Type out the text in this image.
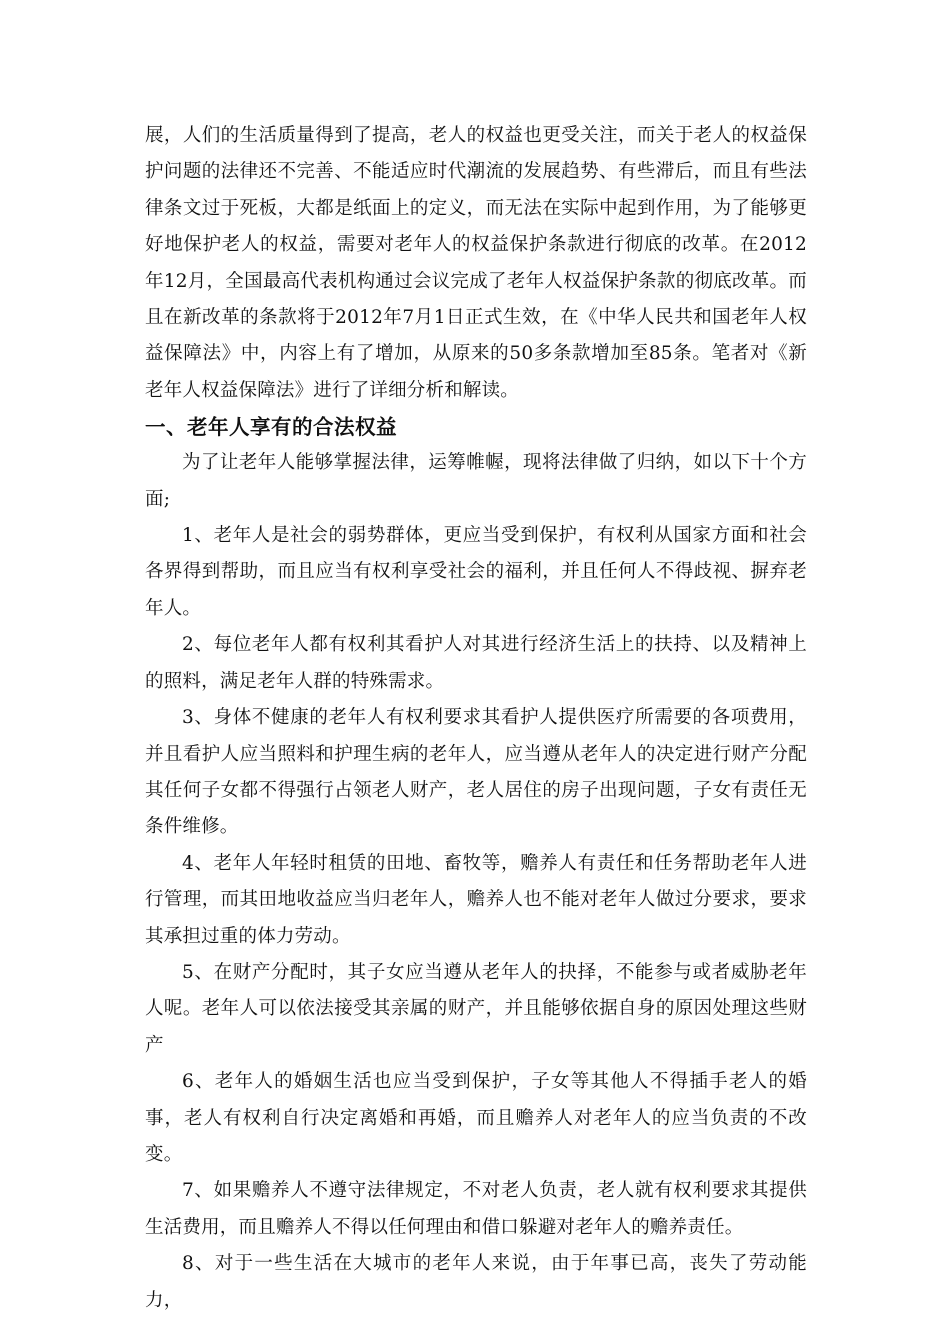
展，人们的生活质量得到了提高，老人的权益也更受关注，而关于老人的权益保护问题的法律还不完善、不能适应时代潮流的发展趋势、有些滞后，而且有些法律条文过于死板，大都是纸面上的定义，而无法在实际中起到作用，为了能够更好地保护老人的权益，需要对老年人的权益保护条款进行彻底的改革。在2012年12月，全国最高代表机构通过会议完成了老年人权益保护条款的彻底改革。而且在新改革的条款将于2012年7月1日正式生效，在《中华人民共和国老年人权益保障法》中，内容上有了增加，从原来的50多条款增加至85条。笔者对《新老年人权益保障法》进行了详细分析和解读。

一、老年人享有的合法权益

为了让老年人能够掌握法律，运筹帷幄，现将法律做了归纳，如以下十个方面;

1、老年人是社会的弱势群体，更应当受到保护，有权利从国家方面和社会各界得到帮助，而且应当有权利享受社会的福利，并且任何人不得歧视、摒弃老年人。

2、每位老年人都有权利其看护人对其进行经济生活上的扶持、以及精神上的照料，满足老年人群的特殊需求。

3、身体不健康的老年人有权利要求其看护人提供医疗所需要的各项费用，并且看护人应当照料和护理生病的老年人，应当遵从老年人的决定进行财产分配其任何子女都不得强行占领老人财产，老人居住的房子出现问题，子女有责任无条件维修。

4、老年人年轻时租赁的田地、畜牧等，赡养人有责任和任务帮助老年人进行管理，而其田地收益应当归老年人，赡养人也不能对老年人做过分要求，要求其承担过重的体力劳动。

5、在财产分配时，其子女应当遵从老年人的抉择，不能参与或者威胁老年人呢。老年人可以依法接受其亲属的财产，并且能够依据自身的原因处理这些财产

6、老年人的婚姻生活也应当受到保护，子女等其他人不得插手老人的婚事，老人有权利自行决定离婚和再婚，而且赡养人对老年人的应当负责的不改变。

7、如果赡养人不遵守法律规定，不对老人负责，老人就有权利要求其提供生活费用，而且赡养人不得以任何理由和借口躲避对老年人的赡养责任。

8、对于一些生活在大城市的老年人来说，由于年事已高，丧失了劳动能力，
